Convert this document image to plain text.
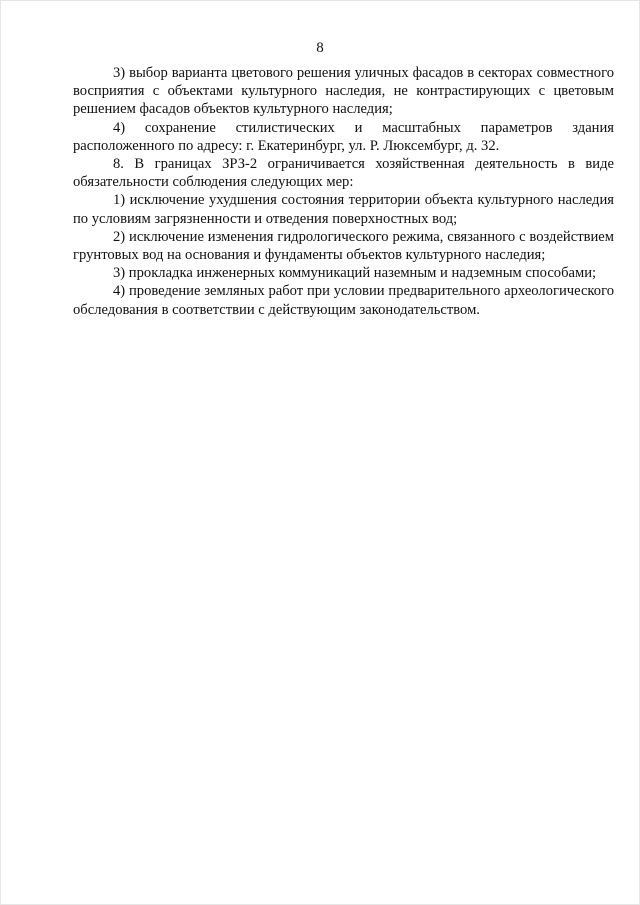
8

3) выбор варианта цветового решения уличных фасадов в секторах совместного восприятия с объектами культурного наследия, не контрастирующих с цветовым решением фасадов объектов культурного наследия;

4) сохранение стилистических и масштабных параметров здания расположенного по адресу: г. Екатеринбург, ул. Р. Люксембург, д. 32.

8. В границах ЗРЗ-2 ограничивается хозяйственная деятельность в виде обязательности соблюдения следующих мер:

1) исключение ухудшения состояния территории объекта культурного наследия по условиям загрязненности и отведения поверхностных вод;

2) исключение изменения гидрологического режима, связанного с воздействием грунтовых вод на основания и фундаменты объектов культурного наследия;

3) прокладка инженерных коммуникаций наземным и надземным способами;

4) проведение земляных работ при условии предварительного археологического обследования в соответствии с действующим законодательством.
